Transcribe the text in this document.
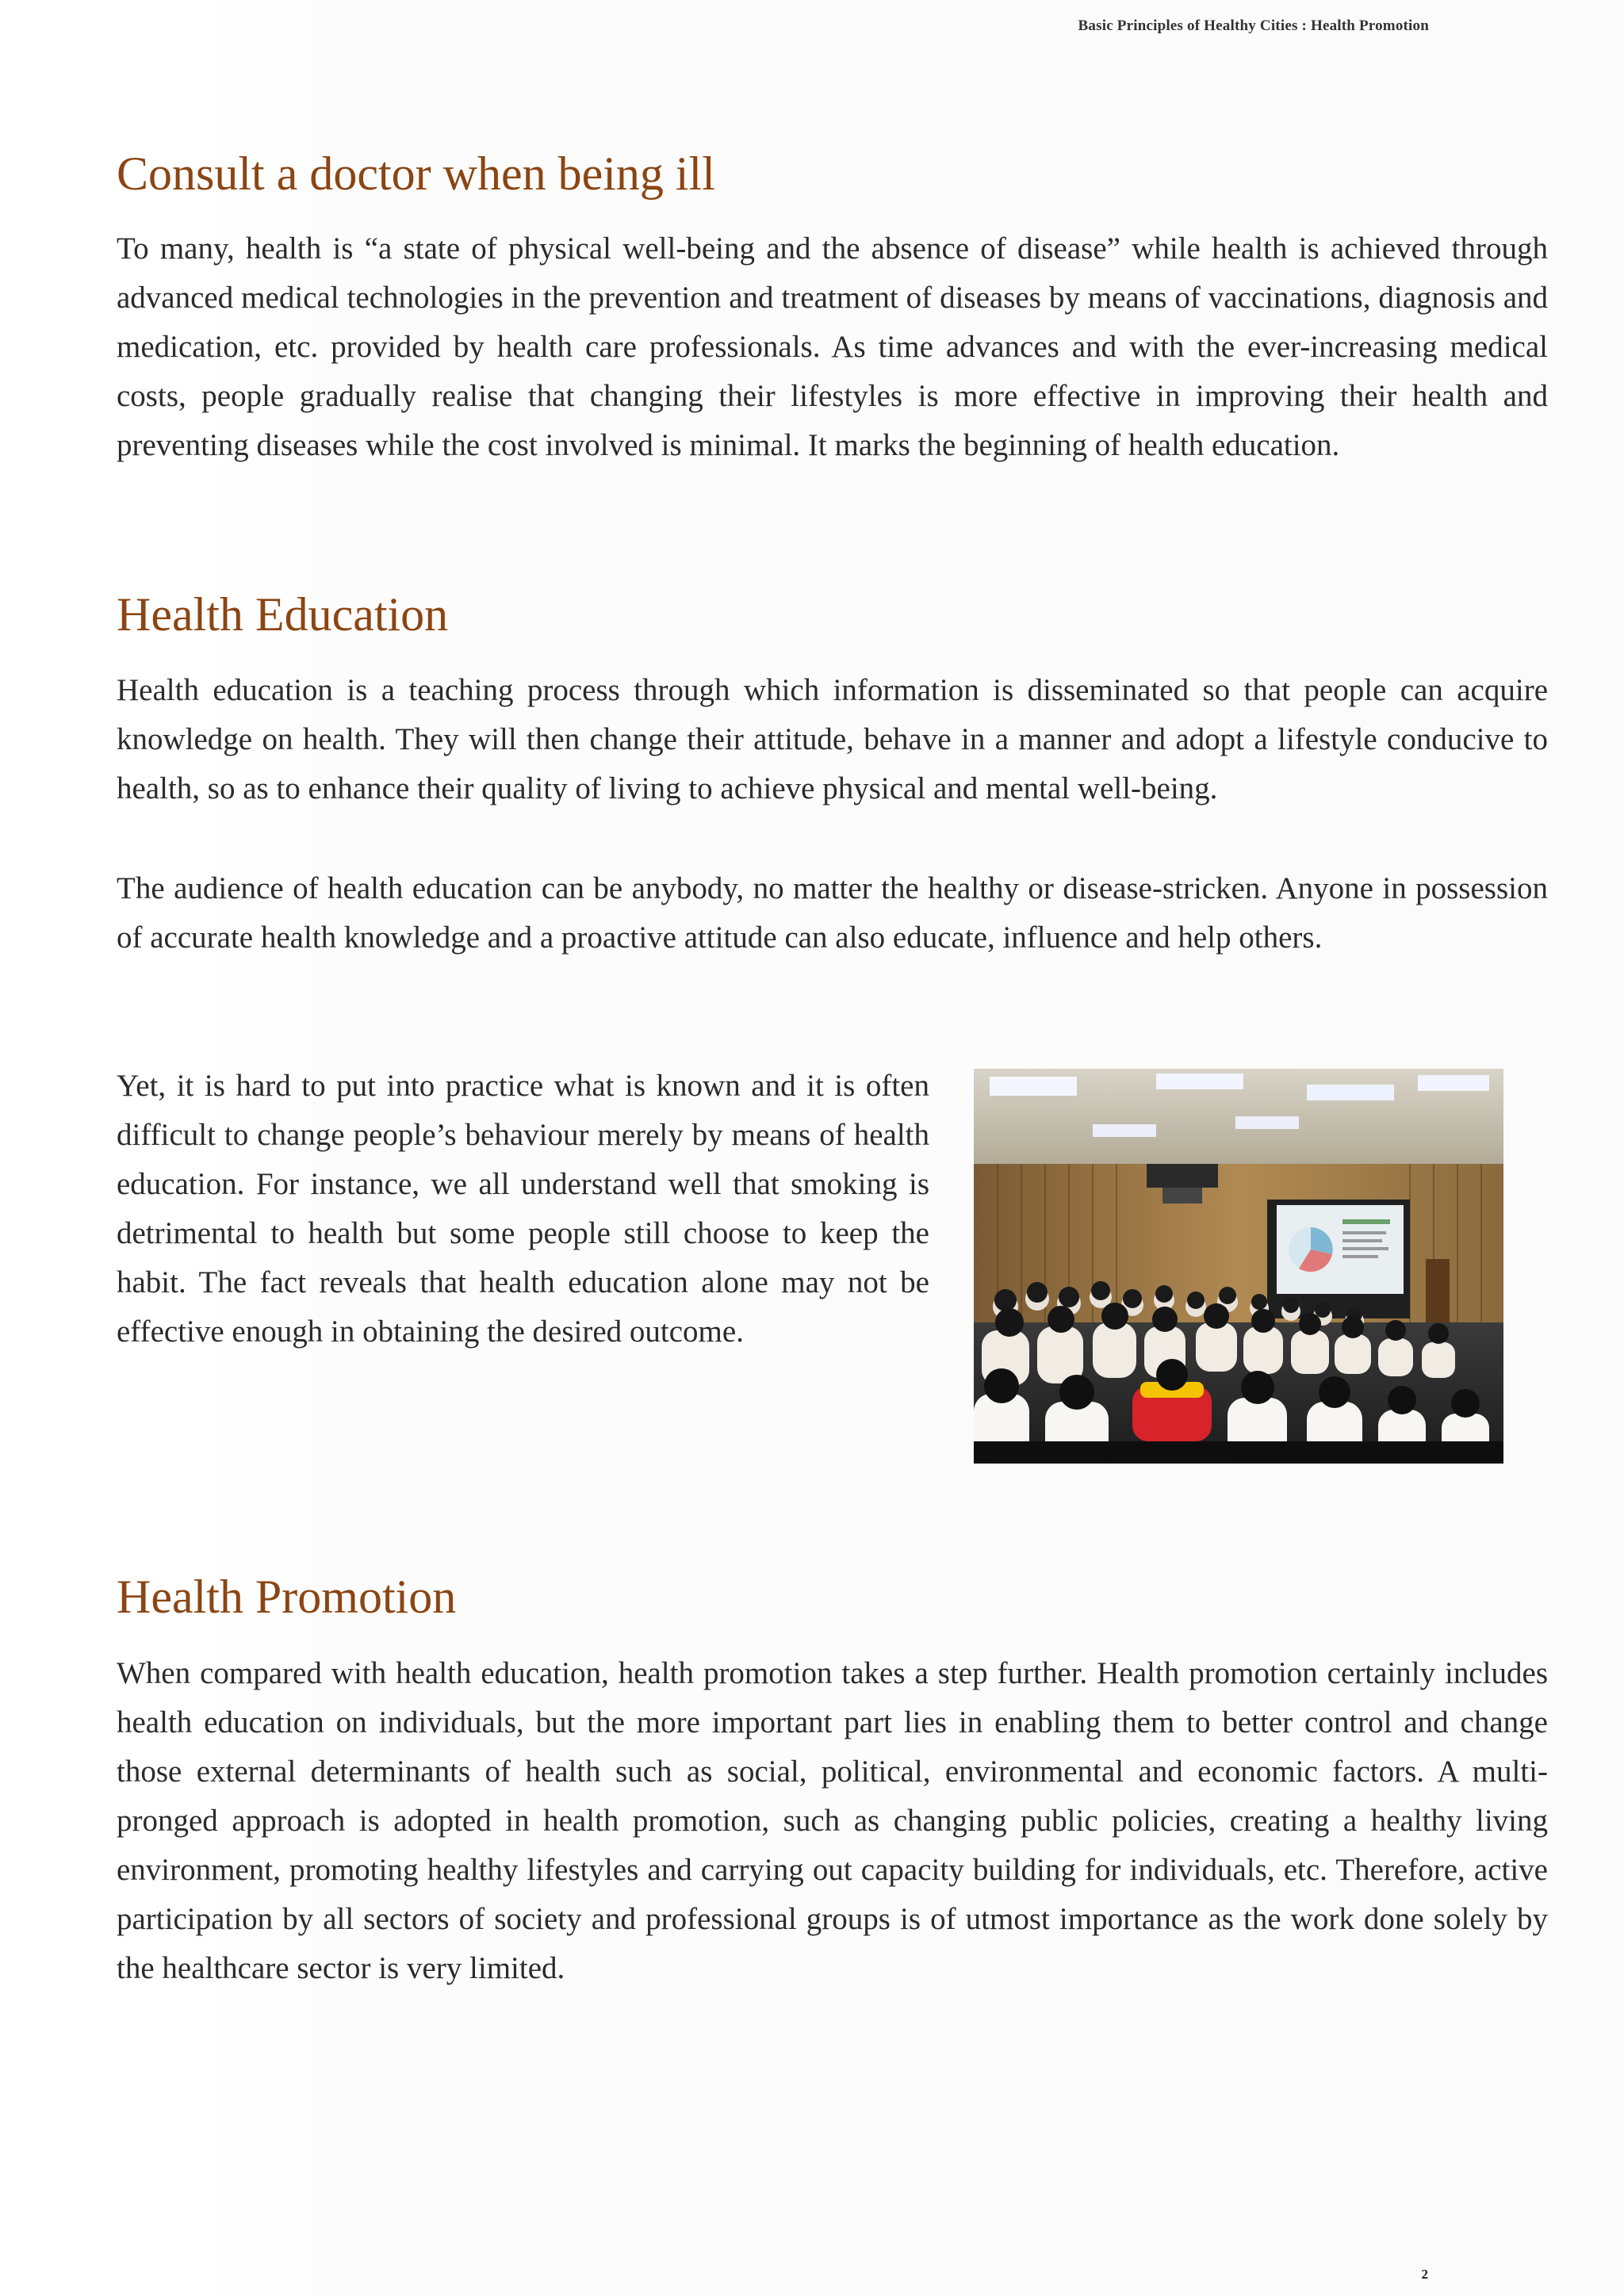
Basic Principles of Healthy Cities : Health Promotion
Consult a doctor when being ill

To many, health is “a state of physical well-being and the absence of disease” while health is achieved through advanced medical technologies in the prevention and treatment of diseases by means of vaccinations, diagnosis and medication, etc. provided by health care professionals. As time advances and with the ever-increasing medical costs, people gradually realise that changing their lifestyles is more effective in improving their health and preventing diseases while the cost involved is minimal. It marks the beginning of health education.

Health Education

Health education is a teaching process through which information is disseminated so that people can acquire knowledge on health. They will then change their attitude, behave in a manner and adopt a lifestyle conducive to health, so as to enhance their quality of living to achieve physical and mental well-being.

The audience of health education can be anybody, no matter the healthy or disease-stricken. Anyone in possession of accurate health knowledge and a proactive attitude can also educate, influence and help others.

Yet, it is hard to put into practice what is known and it is often difficult to change people’s behaviour merely by means of health education. For instance, we all understand well that smoking is detrimental to health but some people still choose to keep the habit. The fact reveals that health education alone may not be effective enough in obtaining the desired outcome.

Health Promotion

When compared with health education, health promotion takes a step further. Health promotion certainly includes health education on individuals, but the more important part lies in enabling them to better control and change those external determinants of health such as social, political, environmental and economic factors. A multi-pronged approach is adopted in health promotion, such as changing public policies, creating a healthy living environment, promoting healthy lifestyles and carrying out capacity building for individuals, etc. Therefore, active participation by all sectors of society and professional groups is of utmost importance as the work done solely by the healthcare sector is very limited.

2
